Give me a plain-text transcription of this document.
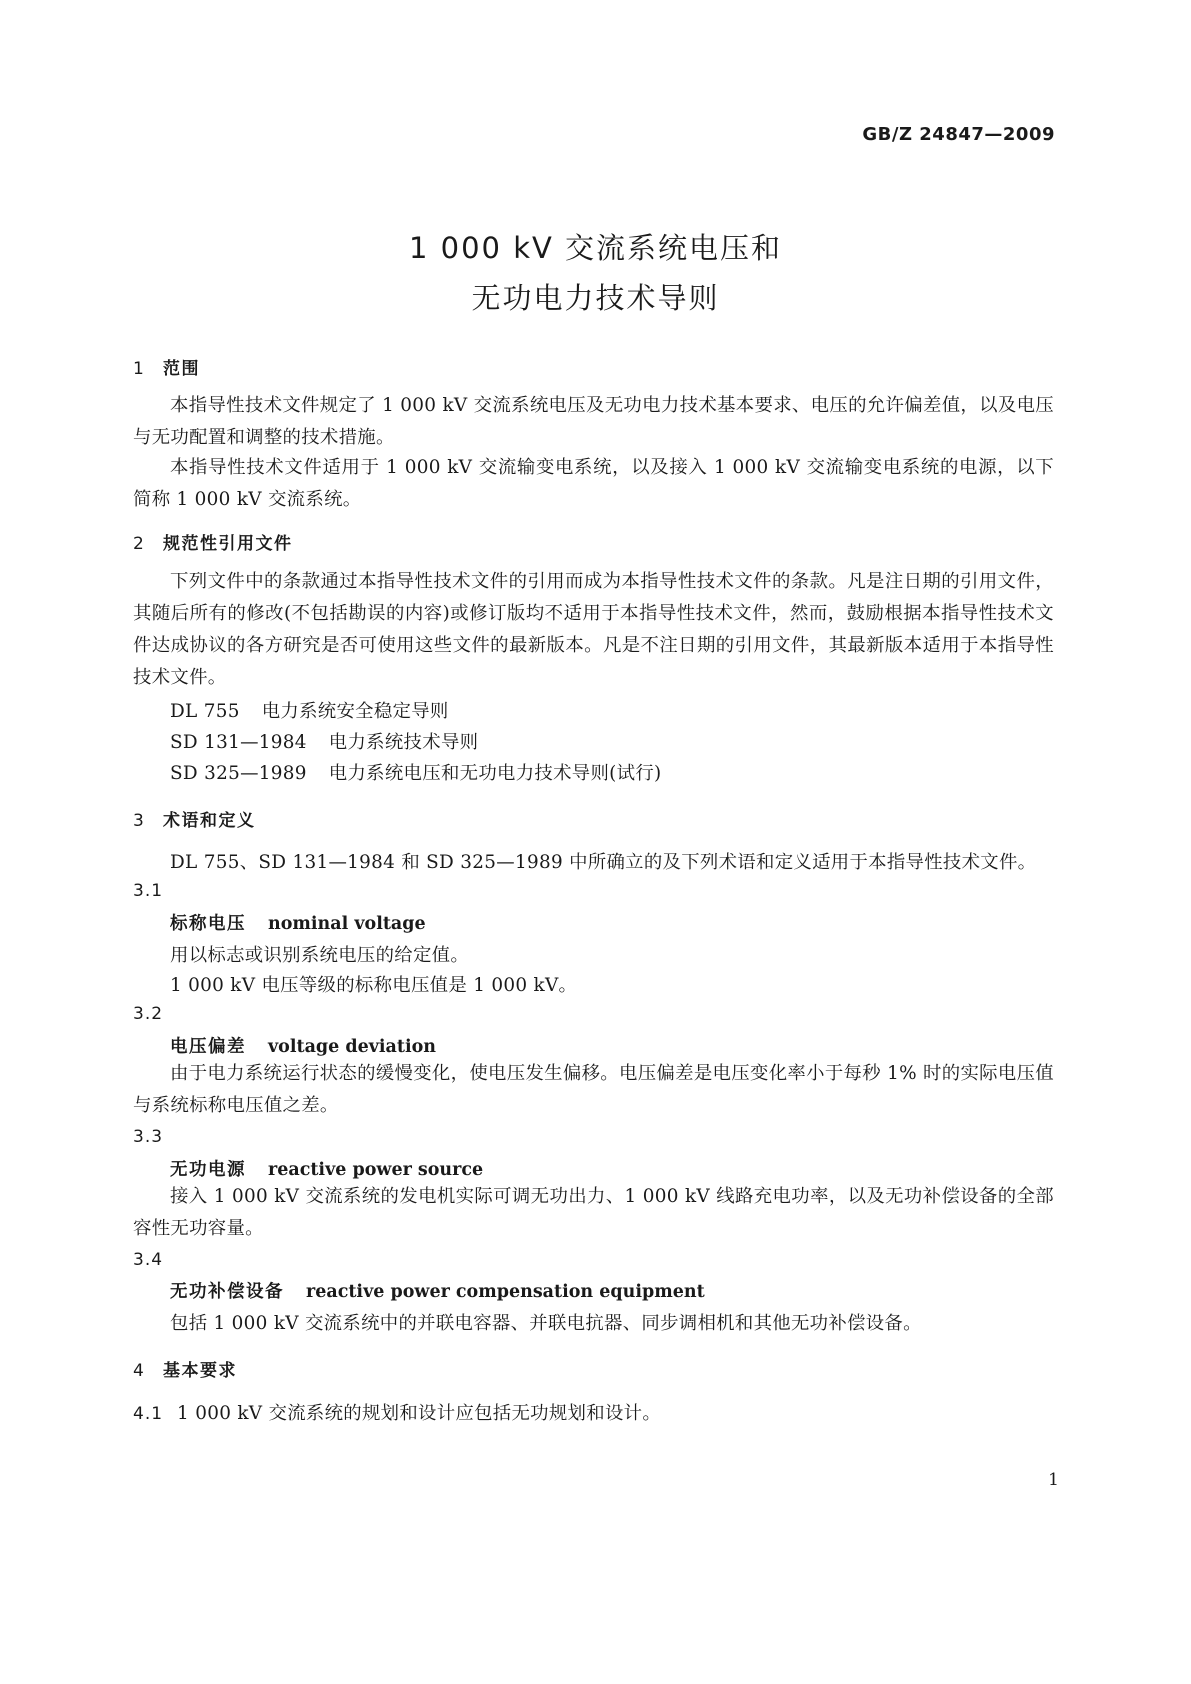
GB/Z 24847—2009
1 000 kV 交流系统电压和
无功电力技术导则
1 范围
本指导性技术文件规定了 1 000 kV 交流系统电压及无功电力技术基本要求、电压的允许偏差值，以及电压与无功配置和调整的技术措施。
本指导性技术文件适用于 1 000 kV 交流输变电系统，以及接入 1 000 kV 交流输变电系统的电源，以下简称 1 000 kV 交流系统。
2 规范性引用文件
下列文件中的条款通过本指导性技术文件的引用而成为本指导性技术文件的条款。凡是注日期的引用文件，其随后所有的修改(不包括勘误的内容)或修订版均不适用于本指导性技术文件，然而，鼓励根据本指导性技术文件达成协议的各方研究是否可使用这些文件的最新版本。凡是不注日期的引用文件，其最新版本适用于本指导性技术文件。
DL 755 电力系统安全稳定导则
SD 131—1984 电力系统技术导则
SD 325—1989 电力系统电压和无功电力技术导则(试行)
3 术语和定义
DL 755、SD 131—1984 和 SD 325—1989 中所确立的及下列术语和定义适用于本指导性技术文件。
3.1
标称电压 nominal voltage
用以标志或识别系统电压的给定值。
1 000 kV 电压等级的标称电压值是 1 000 kV。
3.2
电压偏差 voltage deviation
由于电力系统运行状态的缓慢变化，使电压发生偏移。电压偏差是电压变化率小于每秒 1% 时的实际电压值与系统标称电压值之差。
3.3
无功电源 reactive power source
接入 1 000 kV 交流系统的发电机实际可调无功出力、1 000 kV 线路充电功率，以及无功补偿设备的全部容性无功容量。
3.4
无功补偿设备 reactive power compensation equipment
包括 1 000 kV 交流系统中的并联电容器、并联电抗器、同步调相机和其他无功补偿设备。
4 基本要求
4.1 1 000 kV 交流系统的规划和设计应包括无功规划和设计。
1
